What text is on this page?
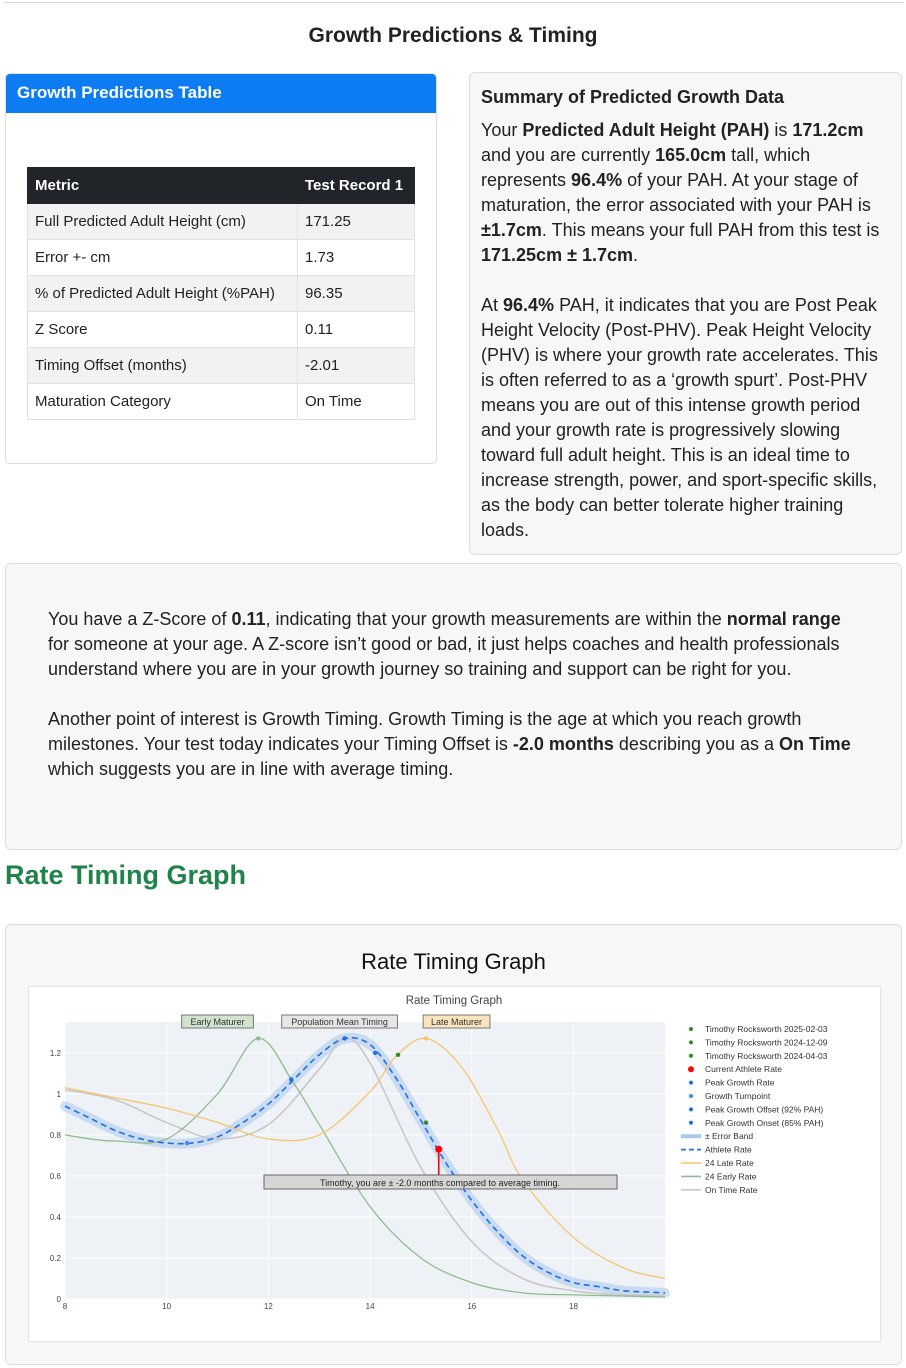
Growth Predictions & Timing
Growth Predictions Table
Metric	Test Record 1
Full Predicted Adult Height (cm)	171.25
Error +- cm	1.73
% of Predicted Adult Height (%PAH)	96.35
Z Score	0.11
Timing Offset (months)	-2.01
Maturation Category	On Time
Summary of Predicted Growth Data

Your Predicted Adult Height (PAH) is 171.2cm and you are currently 165.0cm tall, which represents 96.4% of your PAH. At your stage of maturation, the error associated with your PAH is ±1.7cm. This means your full PAH from this test is 171.25cm ± 1.7cm.

At 96.4% PAH, it indicates that you are Post Peak Height Velocity (Post-PHV). Peak Height Velocity (PHV) is where your growth rate accelerates. This is often referred to as a ‘growth spurt’. Post-PHV means you are out of this intense growth period and your growth rate is progressively slowing toward full adult height. This is an ideal time to increase strength, power, and sport-specific skills, as the body can better tolerate higher training loads.

You have a Z-Score of 0.11, indicating that your growth measurements are within the normal range for someone at your age. A Z-score isn’t good or bad, it just helps coaches and health professionals understand where you are in your growth journey so training and support can be right for you.

Another point of interest is Growth Timing. Growth Timing is the age at which you reach growth milestones. Your test today indicates your Timing Offset is -2.0 months describing you as a On Time which suggests you are in line with average timing.

Rate Timing Graph
Rate Timing Graph
0
0.2
0.4
0.6
0.8
1
1.2
8	10	12	14	16	18
Early Maturer	Population Mean Timing	Late Maturer
Timothy, you are ± -2.0 months compared to average timing.
Rate Timing Graph
Timothy Rocksworth 2025-02-03
Timothy Rocksworth 2024-12-09
Timothy Rocksworth 2024-04-03
Current Athlete Rate
Peak Growth Rate
Growth Turnpoint
Peak Growth Offset (92% PAH)
Peak Growth Onset (85% PAH)
± Error Band
Athlete Rate
24 Late Rate
24 Early Rate
On Time Rate
